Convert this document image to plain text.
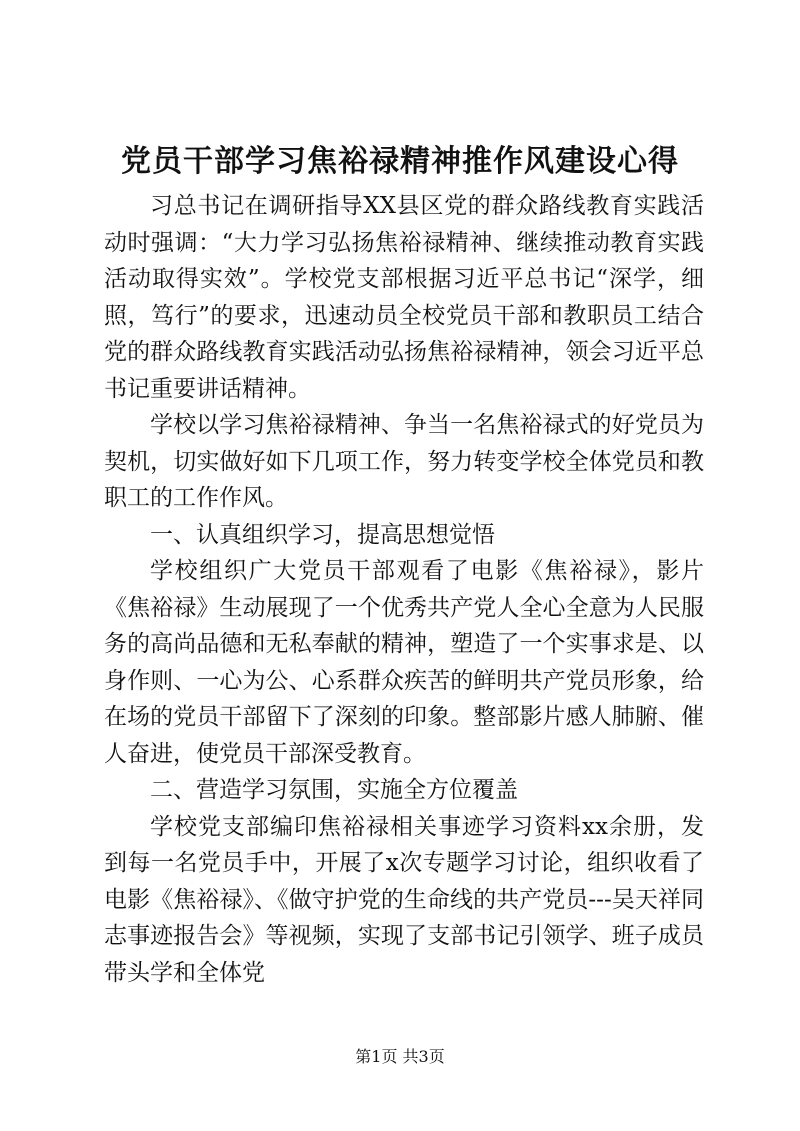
党员干部学习焦裕禄精神推作风建设心得

习总书记在调研指导XX县区党的群众路线教育实践活动时强调：“大力学习弘扬焦裕禄精神、继续推动教育实践活动取得实效”。学校党支部根据习近平总书记“深学，细照，笃行”的要求，迅速动员全校党员干部和教职员工结合党的群众路线教育实践活动弘扬焦裕禄精神，领会习近平总书记重要讲话精神。

学校以学习焦裕禄精神、争当一名焦裕禄式的好党员为契机，切实做好如下几项工作，努力转变学校全体党员和教职工的工作作风。

一、认真组织学习，提高思想觉悟

学校组织广大党员干部观看了电影《焦裕禄》，影片《焦裕禄》生动展现了一个优秀共产党人全心全意为人民服务的高尚品德和无私奉献的精神，塑造了一个实事求是、以身作则、一心为公、心系群众疾苦的鲜明共产党员形象，给在场的党员干部留下了深刻的印象。整部影片感人肺腑、催人奋进，使党员干部深受教育。

二、营造学习氛围，实施全方位覆盖

学校党支部编印焦裕禄相关事迹学习资料xx余册，发到每一名党员手中，开展了x次专题学习讨论，组织收看了电影《焦裕禄》、《做守护党的生命线的共产党员---吴天祥同志事迹报告会》等视频，实现了支部书记引领学、班子成员带头学和全体党

第1页 共3页
